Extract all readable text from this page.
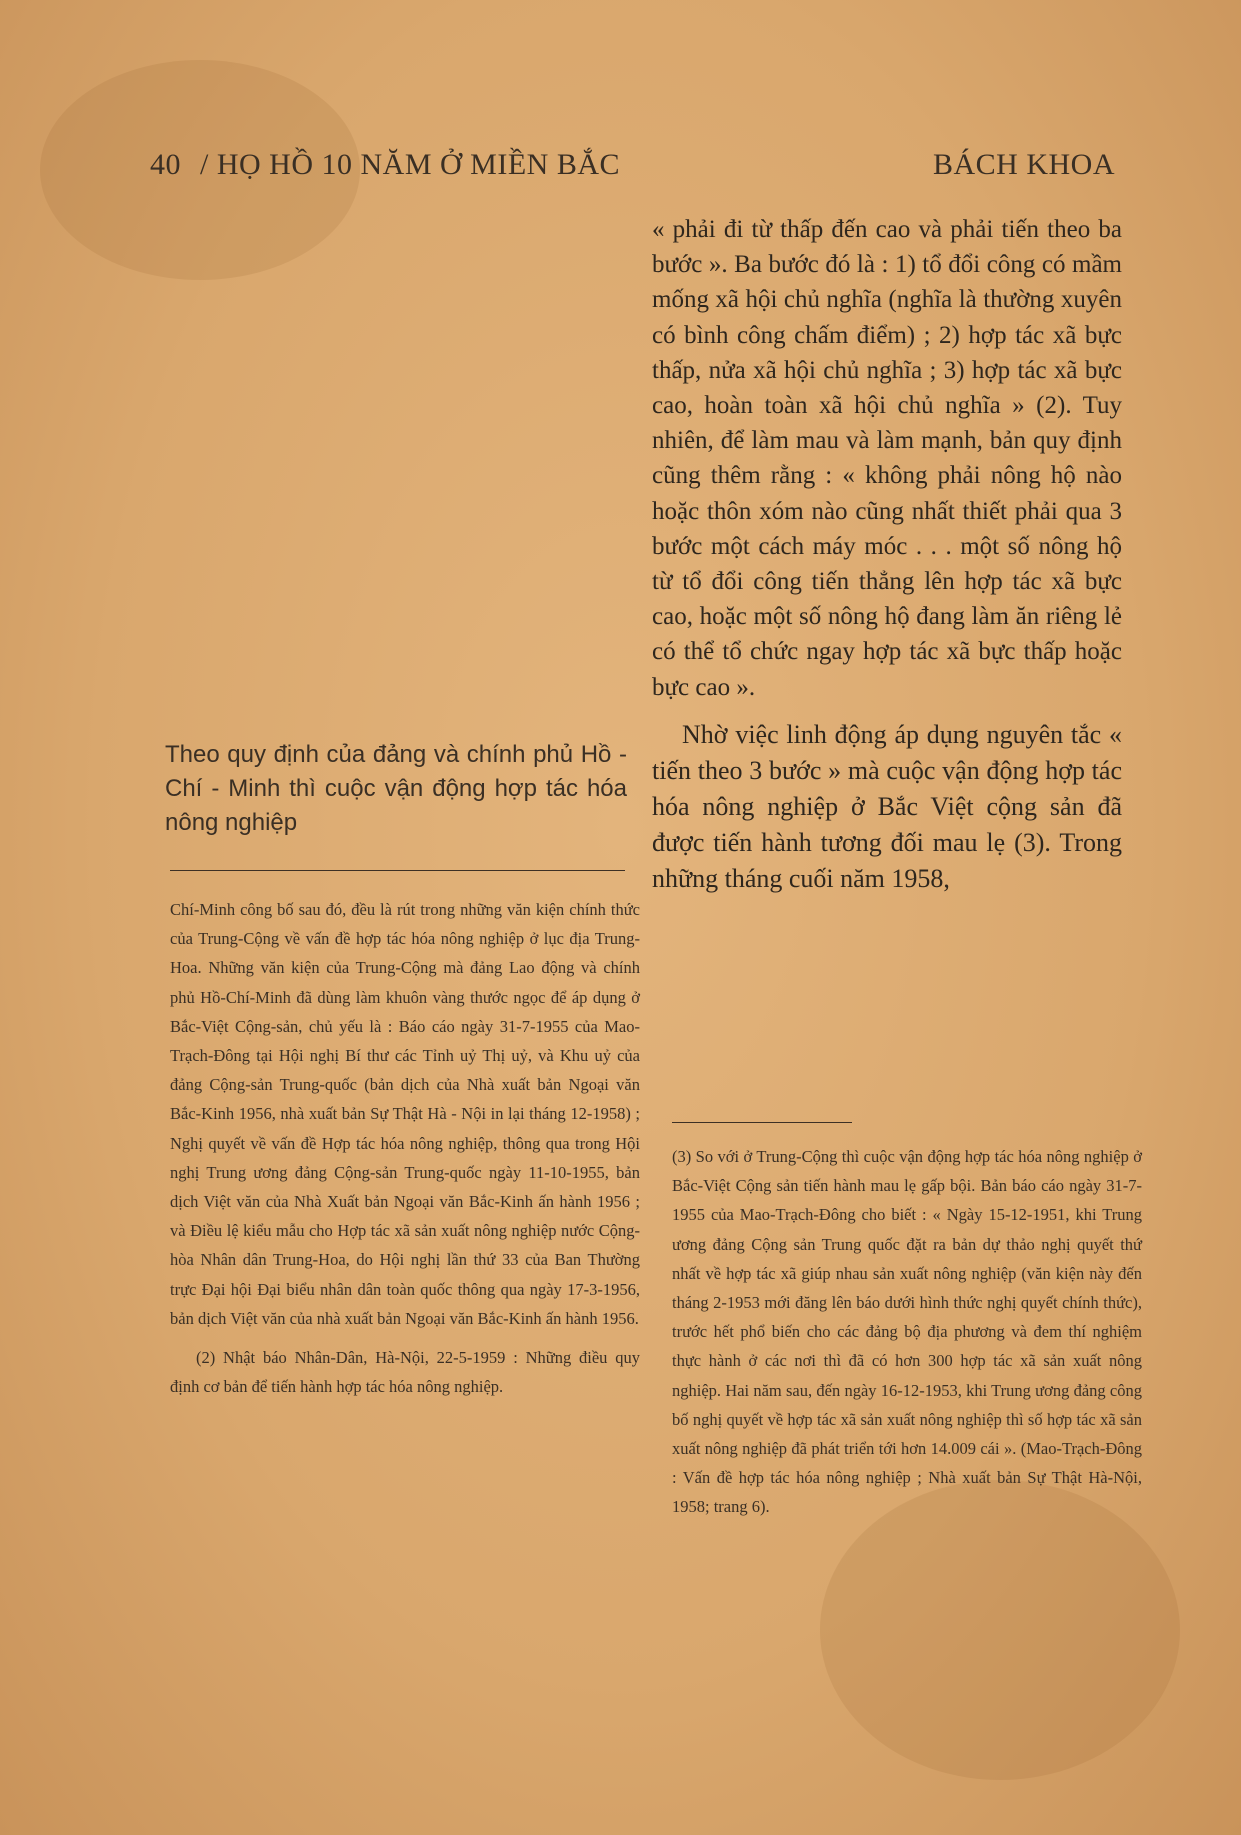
40 / HỌ HỒ 10 NĂM Ở MIỀN BẮC	BÁCH KHOA

« phải đi từ thấp đến cao và phải tiến theo ba bước ». Ba bước đó là : 1) tổ đổi công có mầm mống xã hội chủ nghĩa (nghĩa là thường xuyên có bình công chấm điểm) ; 2) hợp tác xã bực thấp, nửa xã hội chủ nghĩa ; 3) hợp tác xã bực cao, hoàn toàn xã hội chủ nghĩa » (2). Tuy nhiên, để làm mau và làm mạnh, bản quy định cũng thêm rằng : « không phải nông hộ nào hoặc thôn xóm nào cũng nhất thiết phải qua 3 bước một cách máy móc . . . một số nông hộ từ tổ đổi công tiến thẳng lên hợp tác xã bực cao, hoặc một số nông hộ đang làm ăn riêng lẻ có thể tổ chức ngay hợp tác xã bực thấp hoặc bực cao ».

Nhờ việc linh động áp dụng nguyên tắc « tiến theo 3 bước » mà cuộc vận động hợp tác hóa nông nghiệp ở Bắc Việt cộng sản đã được tiến hành tương đối mau lẹ (3). Trong những tháng cuối năm 1958,

Theo quy định của đảng và chính phủ Hồ - Chí - Minh thì cuộc vận động hợp tác hóa nông nghiệp

Chí-Minh công bố sau đó, đều là rút trong những văn kiện chính thức của Trung-Cộng về vấn đề hợp tác hóa nông nghiệp ở lục địa Trung-Hoa. Những văn kiện của Trung-Cộng mà đảng Lao động và chính phủ Hồ-Chí-Minh đã dùng làm khuôn vàng thước ngọc để áp dụng ở Bắc-Việt Cộng-sản, chủ yếu là : Báo cáo ngày 31-7-1955 của Mao-Trạch-Đông tại Hội nghị Bí thư các Tỉnh uỷ Thị uỷ, và Khu uỷ của đảng Cộng-sản Trung-quốc (bản dịch của Nhà xuất bản Ngoại văn Bắc-Kinh 1956, nhà xuất bản Sự Thật Hà - Nội in lại tháng 12-1958) ; Nghị quyết về vấn đề Hợp tác hóa nông nghiệp, thông qua trong Hội nghị Trung ương đảng Cộng-sản Trung-quốc ngày 11-10-1955, bản dịch Việt văn của Nhà Xuất bản Ngoại văn Bắc-Kinh ấn hành 1956 ; và Điều lệ kiểu mẫu cho Hợp tác xã sản xuất nông nghiệp nước Cộng-hòa Nhân dân Trung-Hoa, do Hội nghị lần thứ 33 của Ban Thường trực Đại hội Đại biểu nhân dân toàn quốc thông qua ngày 17-3-1956, bản dịch Việt văn của nhà xuất bản Ngoại văn Bắc-Kinh ấn hành 1956.

(2) Nhật báo Nhân-Dân, Hà-Nội, 22-5-1959 : Những điều quy định cơ bản để tiến hành hợp tác hóa nông nghiệp.

(3) So với ở Trung-Cộng thì cuộc vận động hợp tác hóa nông nghiệp ở Bắc-Việt Cộng sản tiến hành mau lẹ gấp bội. Bản báo cáo ngày 31-7-1955 của Mao-Trạch-Đông cho biết : « Ngày 15-12-1951, khi Trung ương đảng Cộng sản Trung quốc đặt ra bản dự thảo nghị quyết thứ nhất về hợp tác xã giúp nhau sản xuất nông nghiệp (văn kiện này đến tháng 2-1953 mới đăng lên báo dưới hình thức nghị quyết chính thức), trước hết phổ biến cho các đảng bộ địa phương và đem thí nghiệm thực hành ở các nơi thì đã có hơn 300 hợp tác xã sản xuất nông nghiệp. Hai năm sau, đến ngày 16-12-1953, khi Trung ương đảng công bố nghị quyết về hợp tác xã sản xuất nông nghiệp thì số hợp tác xã sản xuất nông nghiệp đã phát triển tới hơn 14.009 cái ». (Mao-Trạch-Đông : Vấn đề hợp tác hóa nông nghiệp ; Nhà xuất bản Sự Thật Hà-Nội, 1958; trang 6).
